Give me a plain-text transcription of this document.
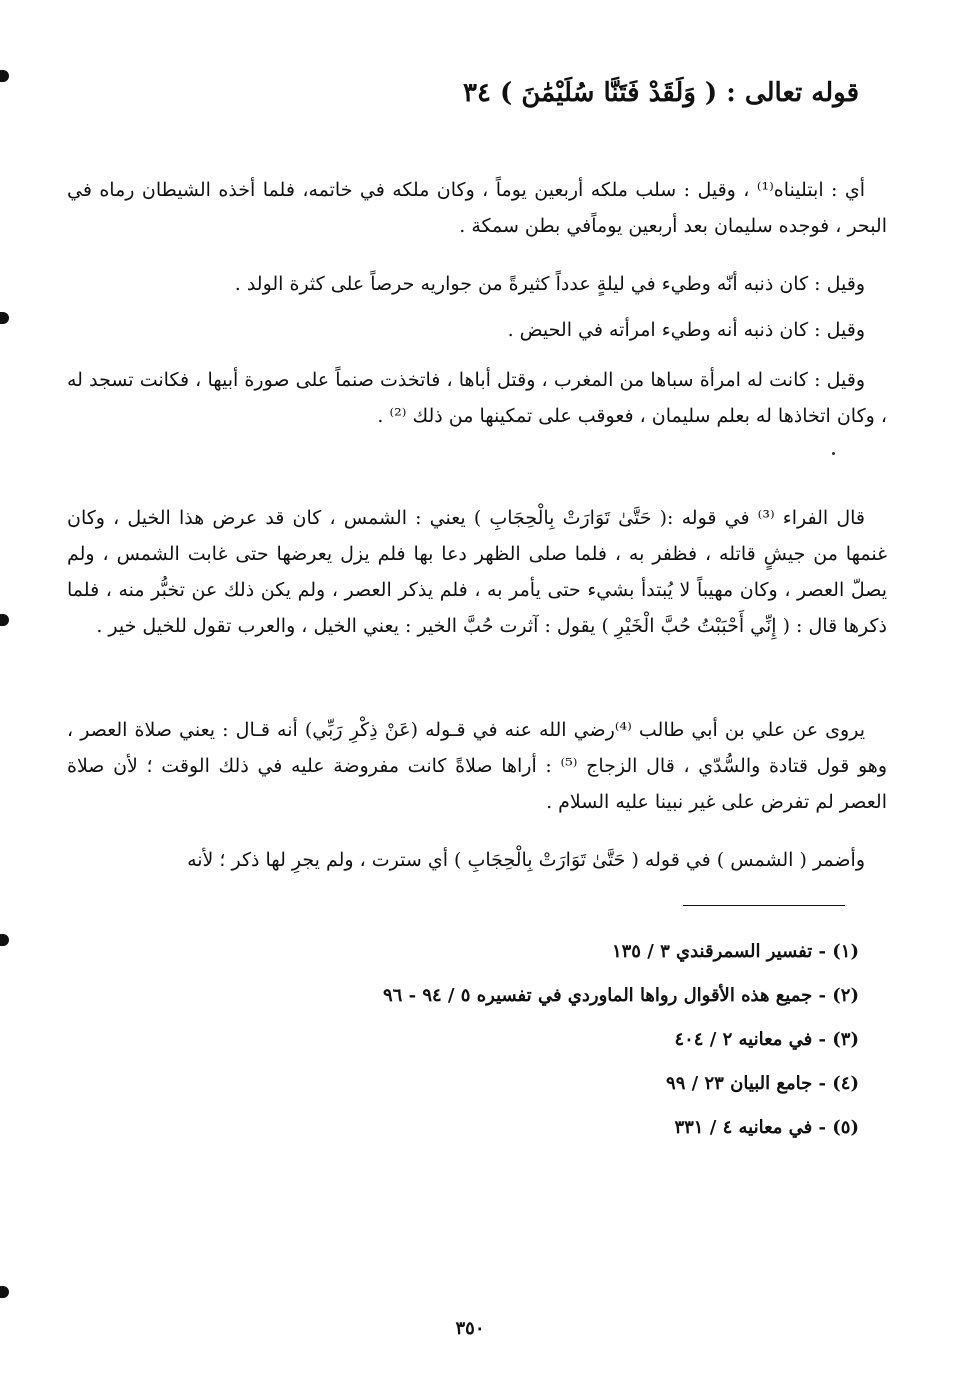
قوله تعالى : ( وَلَقَدْ فَتَنَّا سُلَيْمَٰنَ ) ٣٤

أي : ابتليناه⁽¹⁾ ، وقيل : سلب ملكه أربعين يوماً ، وكان ملكه في خاتمه، فلما أخذه الشيطان رماه في البحر ، فوجده سليمان بعد أربعين يوماًفي بطن سمكة .

وقيل : كان ذنبه أنّه وطيء في ليلةٍ عدداً كثيرةً من جواريه حرصاً على كثرة الولد .

وقيل : كان ذنبه أنه وطيء امرأته في الحيض .

وقيل : كانت له امرأة سباها من المغرب ، وقتل أباها ، فاتخذت صنماً على صورة أبيها ، فكانت تسجد له ، وكان اتخاذها له بعلم سليمان ، فعوقب على تمكينها من ذلك ⁽²⁾ .

قال الفراء ⁽³⁾ في قوله :( حَتَّىٰ تَوَارَتْ بِالْحِجَابِ ) يعني : الشمس ، كان قد عرض هذا الخيل ، وكان غنمها من جيشٍ قاتله ، فظفر به ، فلما صلى الظهر دعا بها فلم يزل يعرضها حتى غابت الشمس ، ولم يصلّ العصر ، وكان مهيباً لا يُبتدأ بشيء حتى يأمر به ، فلم يذكر العصر ، ولم يكن ذلك عن تخبُّر منه ، فلما ذكرها قال : ( إِنِّي أَحْبَبْتُ حُبَّ الْخَيْرِ ) يقول : آثرت حُبَّ الخير : يعني الخيل ، والعرب تقول للخيل خير .

يروى عن علي بن أبي طالب ⁽⁴⁾رضي الله عنه في قـوله (عَنْ ذِكْرِ رَبِّي) أنه قـال : يعني صلاة العصر ، وهو قول قتادة والسُّدّي ، قال الزجاج ⁽⁵⁾ : أراها صلاةً كانت مفروضة عليه في ذلك الوقت ؛ لأن صلاة العصر لم تفرض على غير نبينا عليه السلام .

وأضمر ( الشمس ) في قوله ( حَتَّىٰ تَوَارَتْ بِالْحِجَابِ ) أي سترت ، ولم يجرِ لها ذكر ؛ لأنه

(١) - تفسير السمرقندي ٣ / ١٣٥
(٢) - جميع هذه الأقوال رواها الماوردي في تفسيره ٥ / ٩٤ - ٩٦
(٣) - في معانيه ٢ / ٤٠٤
(٤) - جامع البيان ٢٣ / ٩٩
(٥) - في معانيه ٤ / ٣٣١
٣٥٠
